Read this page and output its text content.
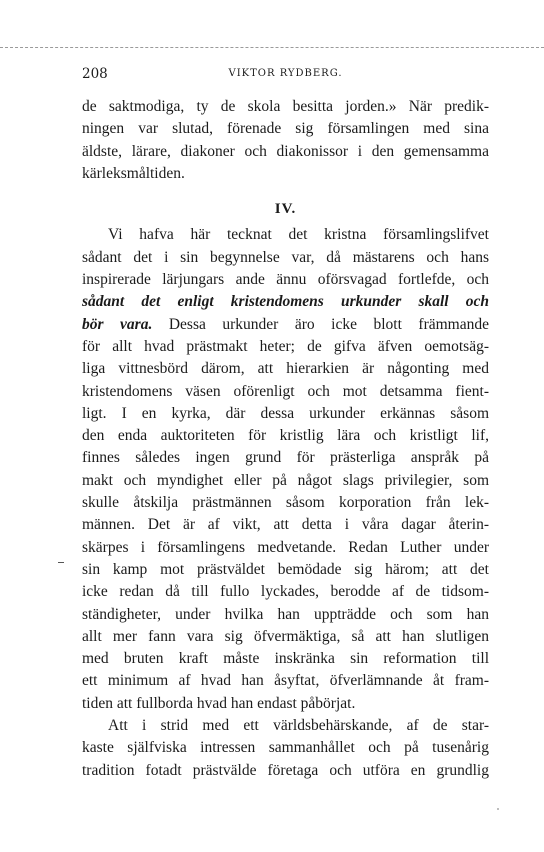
208	VIKTOR RYDBERG.

de saktmodiga, ty de skola besitta jorden.» När predik-
ningen var slutad, förenade sig församlingen med sina
äldste, lärare, diakoner och diakonissor i den gemensamma
kärleksmåltiden.

IV.

Vi hafva här tecknat det kristna församlingslifvet
sådant det i sin begynnelse var, då mästarens och hans
inspirerade lärjungars ande ännu oförsvagad fortlefde, och
sådant det enligt kristendomens urkunder skall och
bör vara. Dessa urkunder äro icke blott främmande
för allt hvad prästmakt heter; de gifva äfven oemotsäg-
liga vittnesbörd därom, att hierarkien är någonting med
kristendomens väsen oförenligt och mot detsamma fient-
ligt. I en kyrka, där dessa urkunder erkännas såsom
den enda auktoriteten för kristlig lära och kristligt lif,
finnes således ingen grund för prästerliga anspråk på
makt och myndighet eller på något slags privilegier, som
skulle åtskilja prästmännen såsom korporation från lek-
männen. Det är af vikt, att detta i våra dagar återin-
skärpes i församlingens medvetande. Redan Luther under
sin kamp mot prästväldet bemödade sig härom; att det
icke redan då till fullo lyckades, berodde af de tidsom-
ständigheter, under hvilka han uppträdde och som han
allt mer fann vara sig öfvermäktiga, så att han slutligen
med bruten kraft måste inskränka sin reformation till
ett minimum af hvad han åsyftat, öfverlämnande åt fram-
tiden att fullborda hvad han endast påbörjat.

Att i strid med ett världsbehärskande, af de star-
kaste själfviska intressen sammanhållet och på tusenårig
tradition fotadt prästvälde företaga och utföra en grundlig
